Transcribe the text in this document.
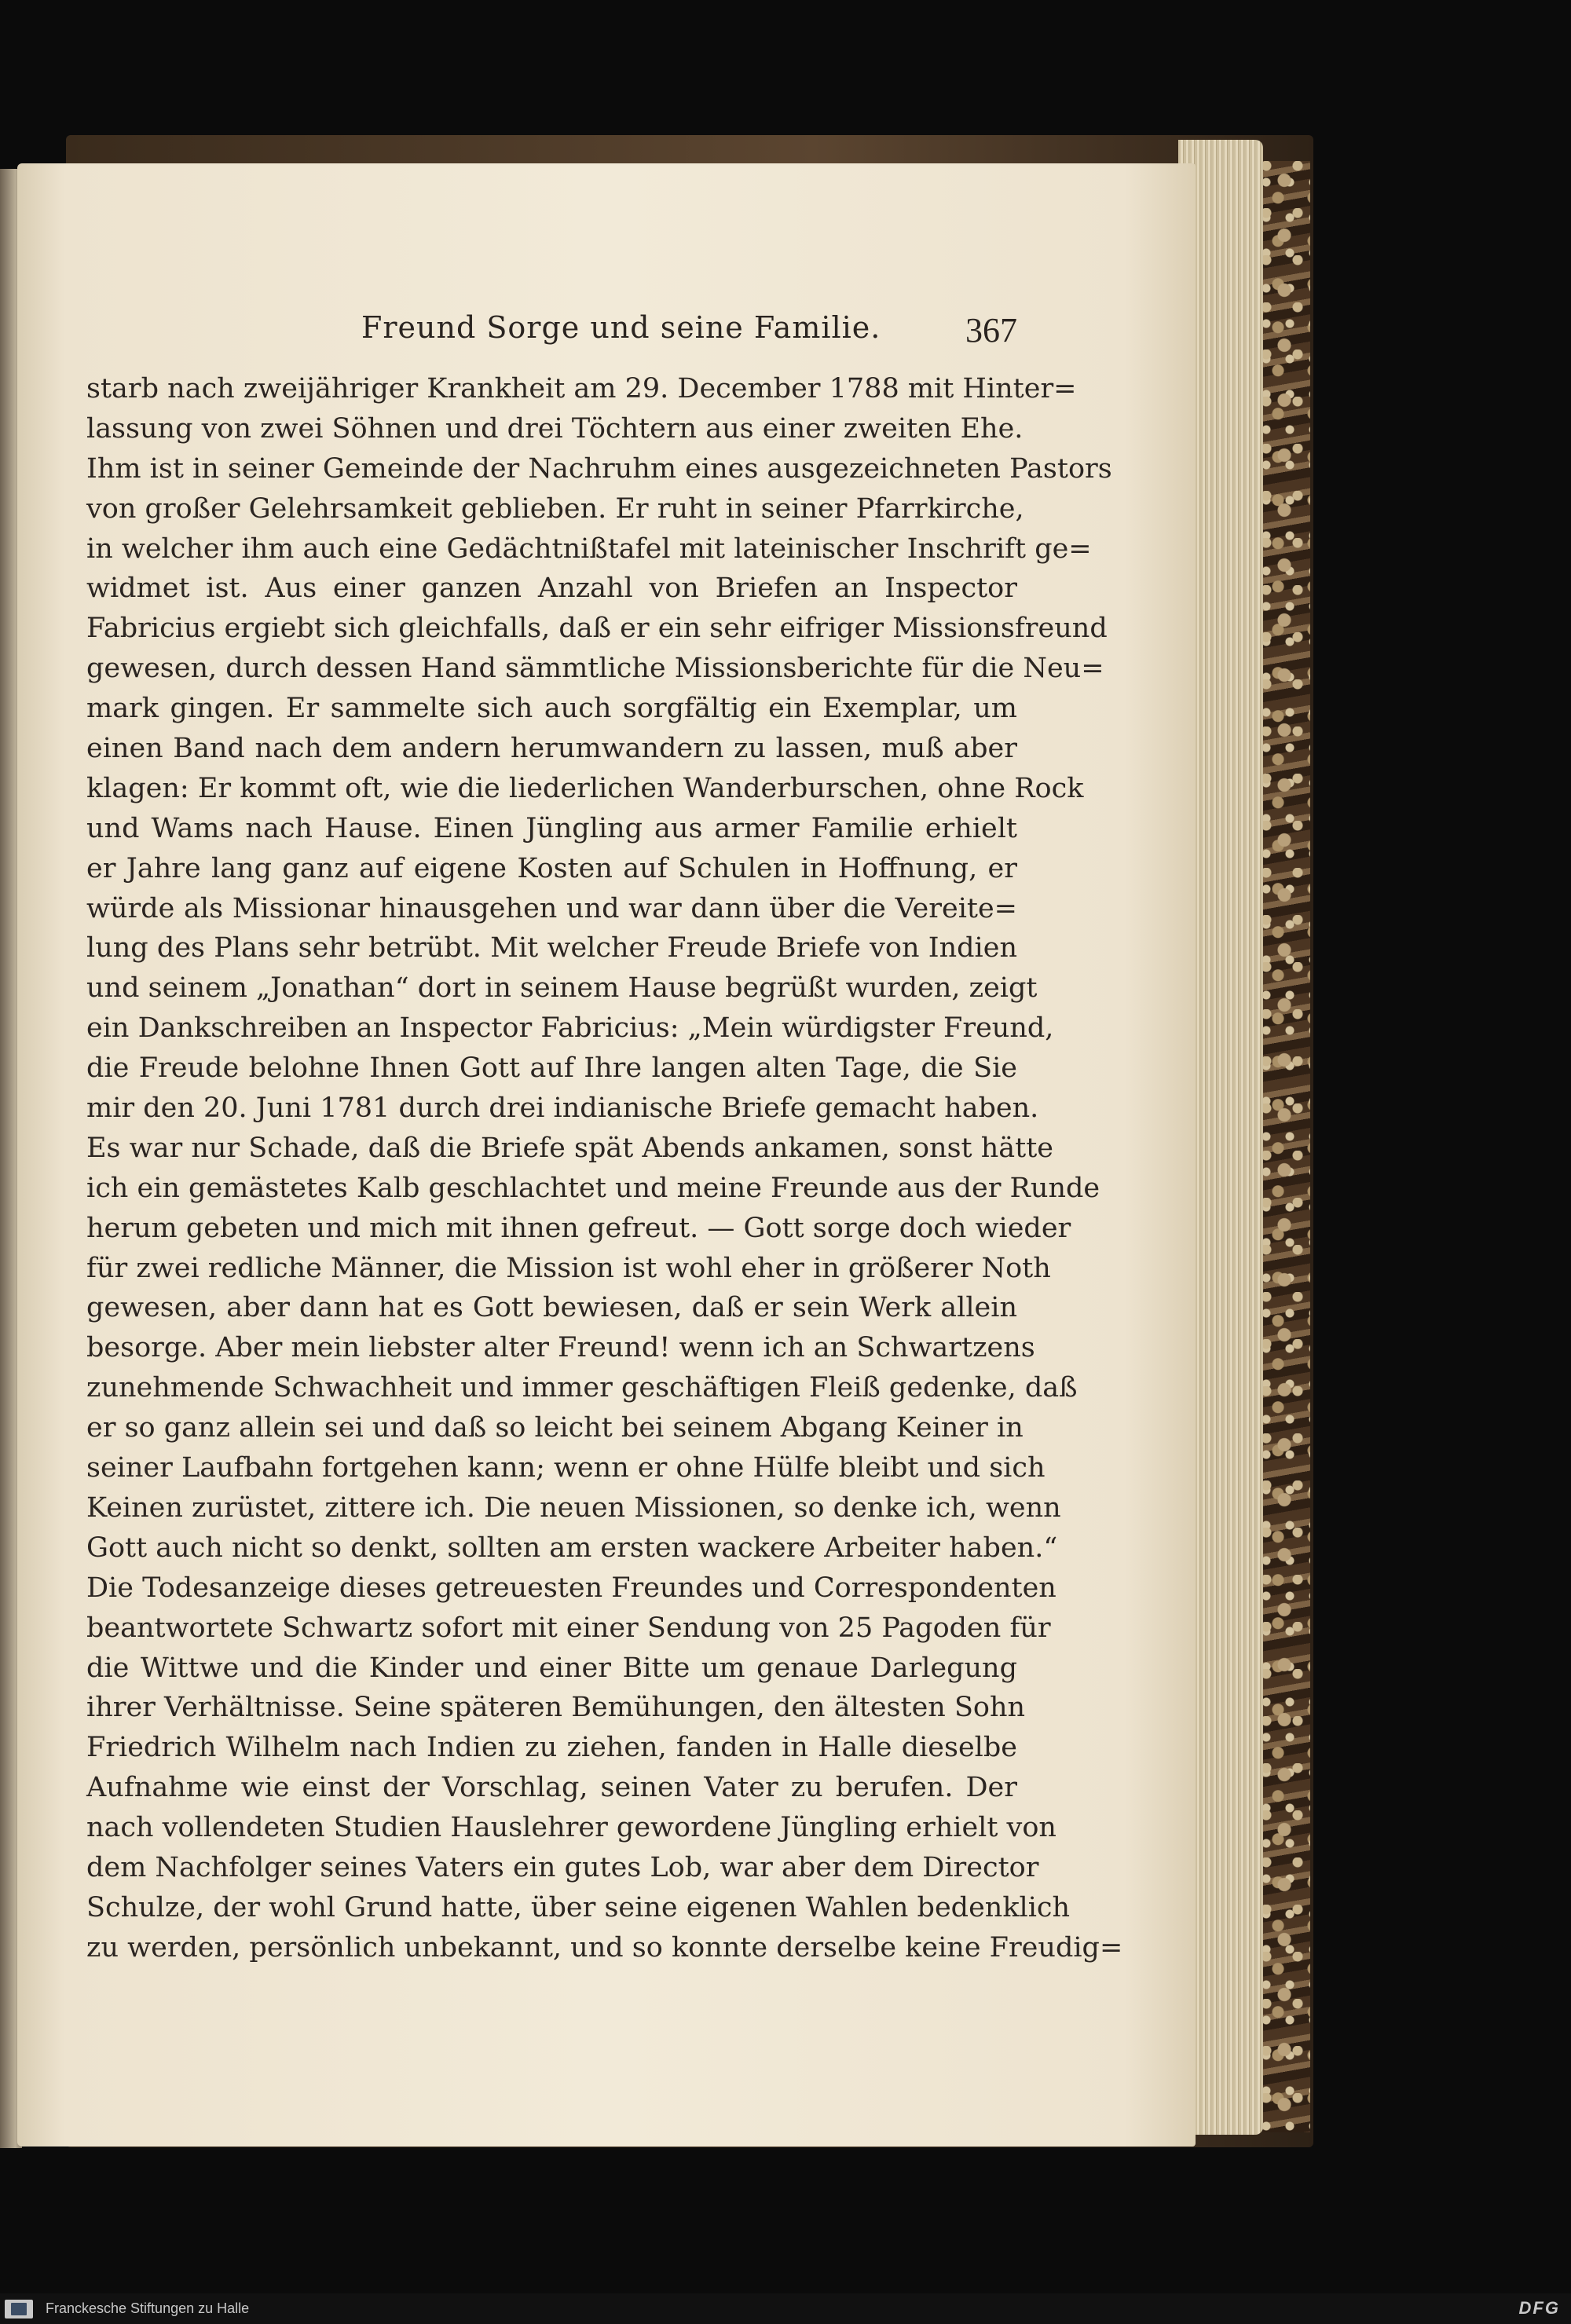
Freund Sorge und seine Familie. 367
starb nach zweijähriger Krankheit am 29. December 1788 mit Hinter=
lassung von zwei Söhnen und drei Töchtern aus einer zweiten Ehe.
Ihm ist in seiner Gemeinde der Nachruhm eines ausgezeichneten Pastors
von großer Gelehrsamkeit geblieben. Er ruht in seiner Pfarrkirche,
in welcher ihm auch eine Gedächtnißtafel mit lateinischer Inschrift ge=
widmet ist. Aus einer ganzen Anzahl von Briefen an Inspector
Fabricius ergiebt sich gleichfalls, daß er ein sehr eifriger Missionsfreund
gewesen, durch dessen Hand sämmtliche Missionsberichte für die Neu=
mark gingen. Er sammelte sich auch sorgfältig ein Exemplar, um
einen Band nach dem andern herumwandern zu lassen, muß aber
klagen: Er kommt oft, wie die liederlichen Wanderburschen, ohne Rock
und Wams nach Hause. Einen Jüngling aus armer Familie erhielt
er Jahre lang ganz auf eigene Kosten auf Schulen in Hoffnung, er
würde als Missionar hinausgehen und war dann über die Vereite=
lung des Plans sehr betrübt. Mit welcher Freude Briefe von Indien
und seinem „Jonathan“ dort in seinem Hause begrüßt wurden, zeigt
ein Dankschreiben an Inspector Fabricius: „Mein würdigster Freund,
die Freude belohne Ihnen Gott auf Ihre langen alten Tage, die Sie
mir den 20. Juni 1781 durch drei indianische Briefe gemacht haben.
Es war nur Schade, daß die Briefe spät Abends ankamen, sonst hätte
ich ein gemästetes Kalb geschlachtet und meine Freunde aus der Runde
herum gebeten und mich mit ihnen gefreut. — Gott sorge doch wieder
für zwei redliche Männer, die Mission ist wohl eher in größerer Noth
gewesen, aber dann hat es Gott bewiesen, daß er sein Werk allein
besorge. Aber mein liebster alter Freund! wenn ich an Schwartzens
zunehmende Schwachheit und immer geschäftigen Fleiß gedenke, daß
er so ganz allein sei und daß so leicht bei seinem Abgang Keiner in
seiner Laufbahn fortgehen kann; wenn er ohne Hülfe bleibt und sich
Keinen zurüstet, zittere ich. Die neuen Missionen, so denke ich, wenn
Gott auch nicht so denkt, sollten am ersten wackere Arbeiter haben.“
Die Todesanzeige dieses getreuesten Freundes und Correspondenten
beantwortete Schwartz sofort mit einer Sendung von 25 Pagoden für
die Wittwe und die Kinder und einer Bitte um genaue Darlegung
ihrer Verhältnisse. Seine späteren Bemühungen, den ältesten Sohn
Friedrich Wilhelm nach Indien zu ziehen, fanden in Halle dieselbe
Aufnahme wie einst der Vorschlag, seinen Vater zu berufen. Der
nach vollendeten Studien Hauslehrer gewordene Jüngling erhielt von
dem Nachfolger seines Vaters ein gutes Lob, war aber dem Director
Schulze, der wohl Grund hatte, über seine eigenen Wahlen bedenklich
zu werden, persönlich unbekannt, und so konnte derselbe keine Freudig=
Franckesche Stiftungen zu Halle	DFG
